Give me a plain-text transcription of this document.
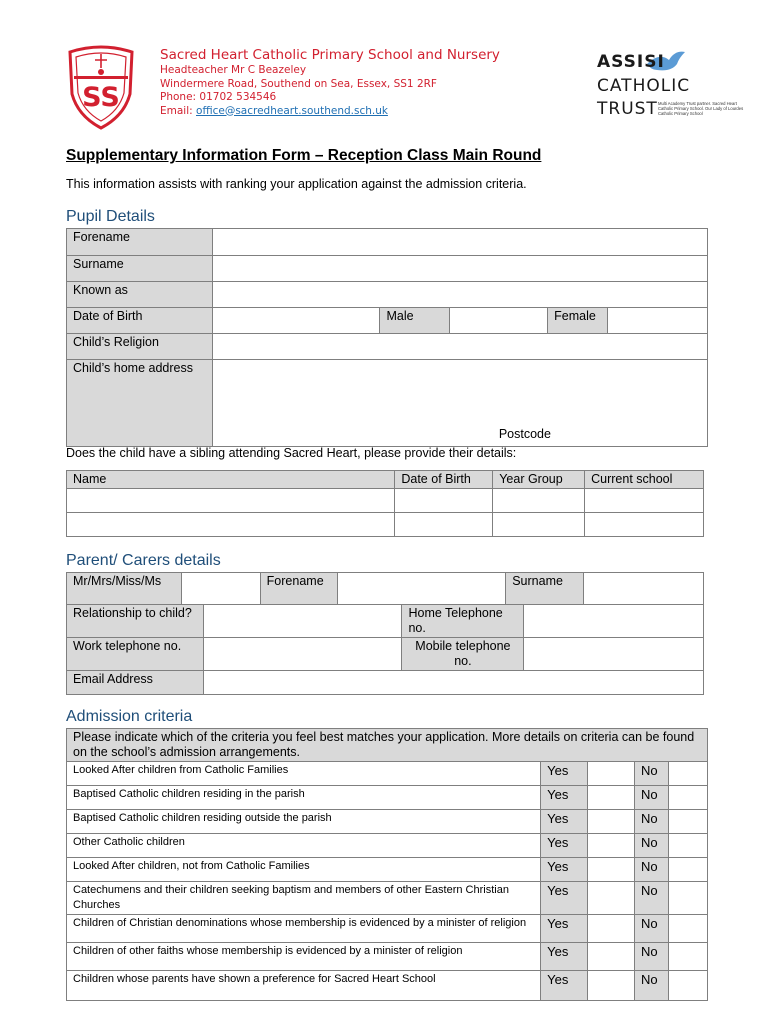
SS
Sacred Heart Catholic Primary School and Nursery
Headteacher Mr C Beazeley
Windermere Road, Southend on Sea, Essex, SS1 2RF
Phone: 01702 534546
Email: office@sacredheart.southend.sch.uk
ASSISI
CATHOLIC
TRUST Multi Academy Trust partner. Sacred Heart Catholic Primary School. Our Lady of Lourdes Catholic Primary School
Supplementary Information Form – Reception Class Main Round
This information assists with ranking your application against the admission criteria.
Pupil Details
Forename					
Surname					
Known as					
Date of Birth		Male		Female	
Child’s Religion					
Child’s home address	Postcode				
Does the child have a sibling attending Sacred Heart, please provide their details:
Name	Date of Birth	Year Group	Current school

Parent/ Carers details
Mr/Mrs/Miss/Ms		Forename		Surname	
Relationship to child?		Home Telephone no.	
Work telephone no.		Mobile telephone no.	
Email Address			
Admission criteria
Please indicate which of the criteria you feel best matches your application. More details on criteria can be found on the school’s admission arrangements.				
Looked After children from Catholic Families	Yes		No	
Baptised Catholic children residing in the parish	Yes		No	
Baptised Catholic children residing outside the parish	Yes		No	
Other Catholic children	Yes		No	
Looked After children, not from Catholic Families	Yes		No	
Catechumens and their children seeking baptism and members of other Eastern Christian Churches	Yes		No	
Children of Christian denominations whose membership is evidenced by a minister of religion	Yes		No	
Children of other faiths whose membership is evidenced by a minister of religion	Yes		No	
Children whose parents have shown a preference for Sacred Heart School	Yes		No	
